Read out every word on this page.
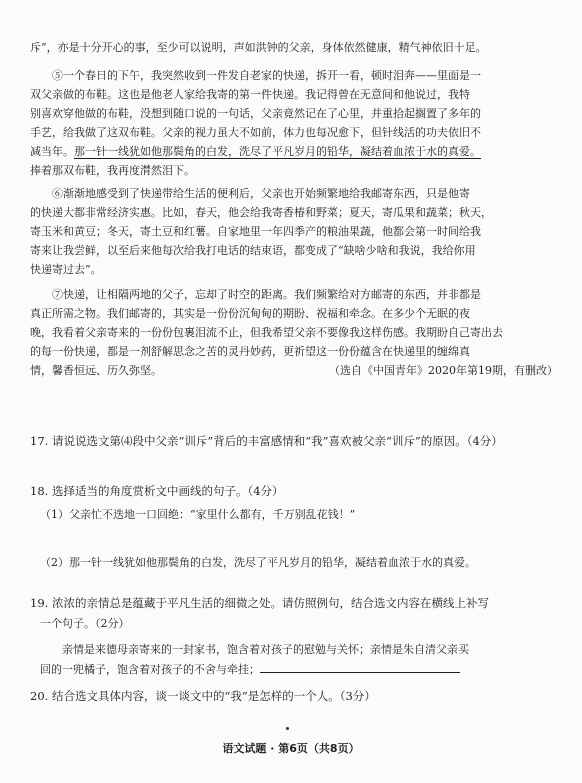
斥”，亦是十分开心的事，至少可以说明，声如洪钟的父亲，身体依然健康，精气神依旧十足。
⑤一个春日的下午，我突然收到一件发自老家的快递，拆开一看，顿时泪奔——里面是一
双父亲做的布鞋。这也是他老人家给我寄的第一件快递。我记得曾在无意间和他说过，我特
别喜欢穿他做的布鞋，没想到随口说的一句话，父亲竟然记在了心里，并重拾起搁置了多年的
手艺，给我做了这双布鞋。父亲的视力虽大不如前，体力也每况愈下，但针线活的功夫依旧不
减当年。那一针一线犹如他那鬓角的白发，洗尽了平凡岁月的铅华，凝结着血浓于水的真爱。
捧着那双布鞋，我再度潸然泪下。
⑥渐渐地感受到了快递带给生活的便利后，父亲也开始频繁地给我邮寄东西，只是他寄
的快递大都非常经济实惠。比如，春天，他会给我寄香椿和野菜；夏天，寄瓜果和蔬菜；秋天，
寄玉米和黄豆；冬天，寄土豆和红薯。自家地里一年四季产的粮油果蔬，他都会第一时间给我
寄来让我尝鲜，以至后来他每次给我打电话的结束语，都变成了“缺啥少啥和我说，我给你用
快递寄过去”。
⑦快递，让相隔两地的父子，忘却了时空的距离。我们频繁给对方邮寄的东西，并非都是
真正所需之物。我们邮寄的，其实是一份份沉甸甸的期盼、祝福和牵念。在多少个无眠的夜
晚，我看着父亲寄来的一份份包裹泪流不止，但我希望父亲不要像我这样伤感。我期盼自己寄出去
的每一份快递，都是一剂舒解思念之苦的灵丹妙药，更祈望这一份份蕴含在快递里的缠绵真
情，馨香恒远、历久弥坚。	（选自《中国青年》2020年第19期，有删改）
17. 请说说选文第⑷段中父亲“训斥”背后的丰富感情和“我”喜欢被父亲“训斥”的原因。（4分）
18. 选择适当的角度赏析文中画线的句子。（4分）
（1）父亲忙不迭地一口回绝：“家里什么都有，千万别乱花钱！”
（2）那一针一线犹如他那鬓角的白发，洗尽了平凡岁月的铅华，凝结着血浓于水的真爱。
19. 浓浓的亲情总是蕴藏于平凡生活的细微之处。请仿照例句，结合选文内容在横线上补写
一个句子。（2分）
亲情是来德母亲寄来的一封家书，饱含着对孩子的慰勉与关怀；亲情是朱自清父亲买
回的一兜橘子，饱含着对孩子的不舍与牵挂；
20. 结合选文具体内容，谈一谈文中的“我”是怎样的一个人。（3分）
语文试题 · 第6页（共8页）
